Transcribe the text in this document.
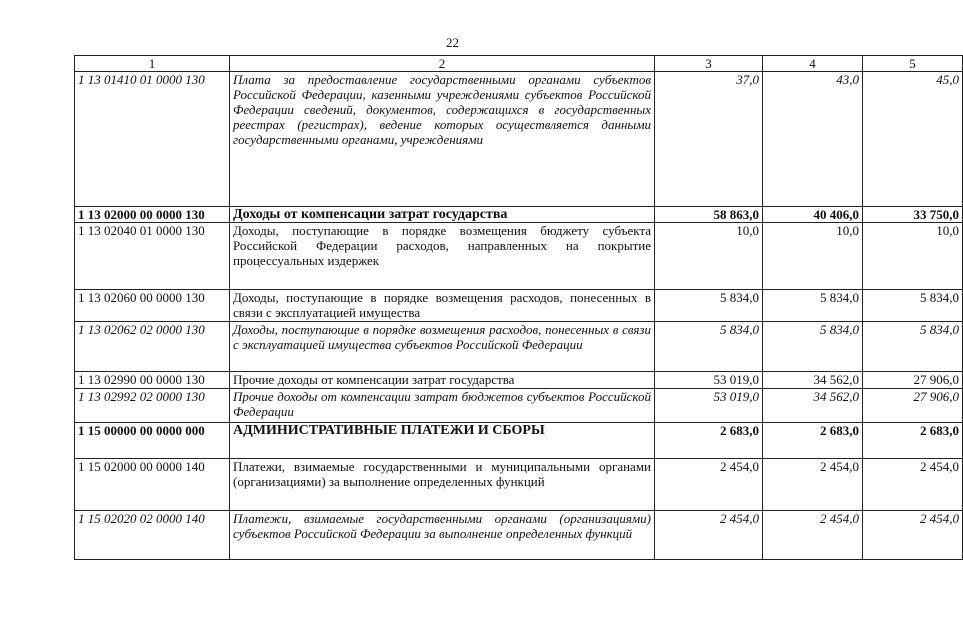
22
1	2	3	4	5
1 13 01410 01 0000 130	Плата за предоставление государственными органами субъектов Российской Федерации, казенными учреждениями субъектов Российской Федерации сведений, документов, содержащихся в государственных реестрах (регистрах), ведение которых осуществляется данными государственными органами, учреждениями	37,0	43,0	45,0
1 13 02000 00 0000 130	Доходы от компенсации затрат государства	58 863,0	40 406,0	33 750,0
1 13 02040 01 0000 130	Доходы, поступающие в порядке возмещения бюджету субъекта Российской Федерации расходов, направленных на покрытие процессуальных издержек	10,0	10,0	10,0
1 13 02060 00 0000 130	Доходы, поступающие в порядке возмещения расходов, понесенных в связи с эксплуатацией имущества	5 834,0	5 834,0	5 834,0
1 13 02062 02 0000 130	Доходы, поступающие в порядке возмещения расходов, понесенных в связи с эксплуатацией имущества субъектов Российской Федерации	5 834,0	5 834,0	5 834,0
1 13 02990 00 0000 130	Прочие доходы от компенсации затрат государства	53 019,0	34 562,0	27 906,0
1 13 02992 02 0000 130	Прочие доходы от компенсации затрат бюджетов субъектов Российской Федерации	53 019,0	34 562,0	27 906,0
1 15 00000 00 0000 000	АДМИНИСТРАТИВНЫЕ ПЛАТЕЖИ И СБОРЫ	2 683,0	2 683,0	2 683,0
1 15 02000 00 0000 140	Платежи, взимаемые государственными и муниципальными органами (организациями) за выполнение определенных функций	2 454,0	2 454,0	2 454,0
1 15 02020 02 0000 140	Платежи, взимаемые государственными органами (организациями) субъектов Российской Федерации за выполнение определенных функций	2 454,0	2 454,0	2 454,0
